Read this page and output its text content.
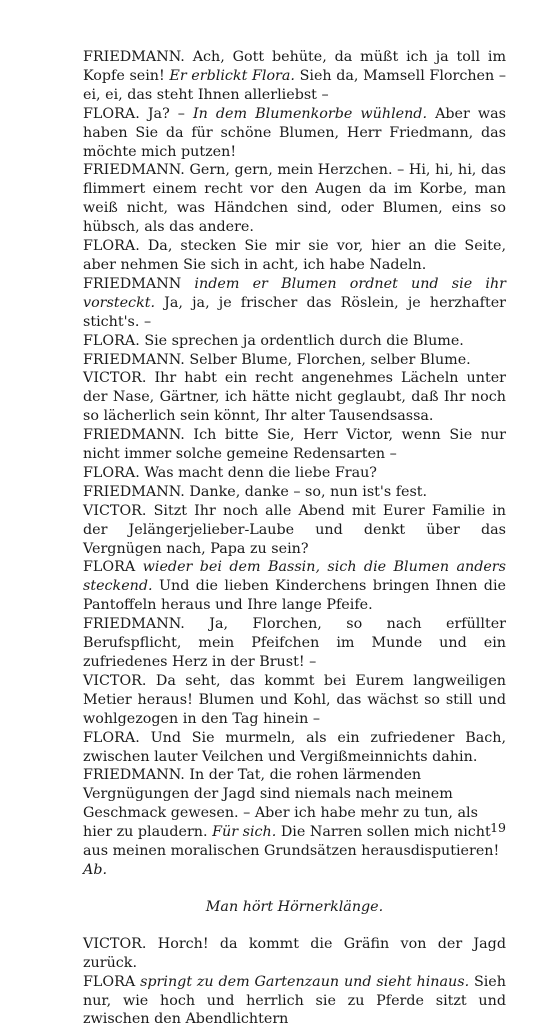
FRIEDMANN. Ach, Gott behüte, da müßt ich ja toll im Kopfe sein! Er erblickt Flora. Sieh da, Mamsell Florchen – ei, ei, das steht Ihnen allerliebst –

FLORA. Ja? – In dem Blumenkorbe wühlend. Aber was haben Sie da für schöne Blumen, Herr Friedmann, das möchte mich putzen!

FRIEDMANN. Gern, gern, mein Herzchen. – Hi, hi, hi, das flimmert einem recht vor den Augen da im Korbe, man weiß nicht, was Händchen sind, oder Blumen, eins so hübsch, als das andere.

FLORA. Da, stecken Sie mir sie vor, hier an die Seite, aber nehmen Sie sich in acht, ich habe Nadeln.

FRIEDMANN indem er Blumen ordnet und sie ihr vorsteckt. Ja, ja, je frischer das Röslein, je herzhafter sticht's. –

FLORA. Sie sprechen ja ordentlich durch die Blume.

FRIEDMANN. Selber Blume, Florchen, selber Blume.

VICTOR. Ihr habt ein recht angenehmes Lächeln unter der Nase, Gärtner, ich hätte nicht geglaubt, daß Ihr noch so lächerlich sein könnt, Ihr alter Tausendsassa.

FRIEDMANN. Ich bitte Sie, Herr Victor, wenn Sie nur nicht immer solche gemeine Redensarten –

FLORA. Was macht denn die liebe Frau?

FRIEDMANN. Danke, danke – so, nun ist's fest.

VICTOR. Sitzt Ihr noch alle Abend mit Eurer Familie in der Jelängerjelieber-Laube und denkt über das Vergnügen nach, Papa zu sein?

FLORA wieder bei dem Bassin, sich die Blumen anders steckend. Und die lieben Kinderchens bringen Ihnen die Pantoffeln heraus und Ihre lange Pfeife.

FRIEDMANN. Ja, Florchen, so nach erfüllter Berufspflicht, mein Pfeifchen im Munde und ein zufriedenes Herz in der Brust! –

VICTOR. Da seht, das kommt bei Eurem langweiligen Metier heraus! Blumen und Kohl, das wächst so still und wohlgezogen in den Tag hinein –

FLORA. Und Sie murmeln, als ein zufriedener Bach, zwischen lauter Veilchen und Vergißmeinnichts dahin.

FRIEDMANN. In der Tat, die rohen lärmenden Vergnügungen der Jagd sind niemals nach meinem Geschmack gewesen. – Aber ich habe mehr zu tun, als hier zu plaudern. Für sich. Die Narren sollen mich nicht aus meinen moralischen Grundsätzen herausdisputieren! Ab.

Man hört Hörnerklänge.

VICTOR. Horch! da kommt die Gräfin von der Jagd zurück.

FLORA springt zu dem Gartenzaun und sieht hinaus. Sieh nur, wie hoch und herrlich sie zu Pferde sitzt und zwischen den Abendlichtern

19
